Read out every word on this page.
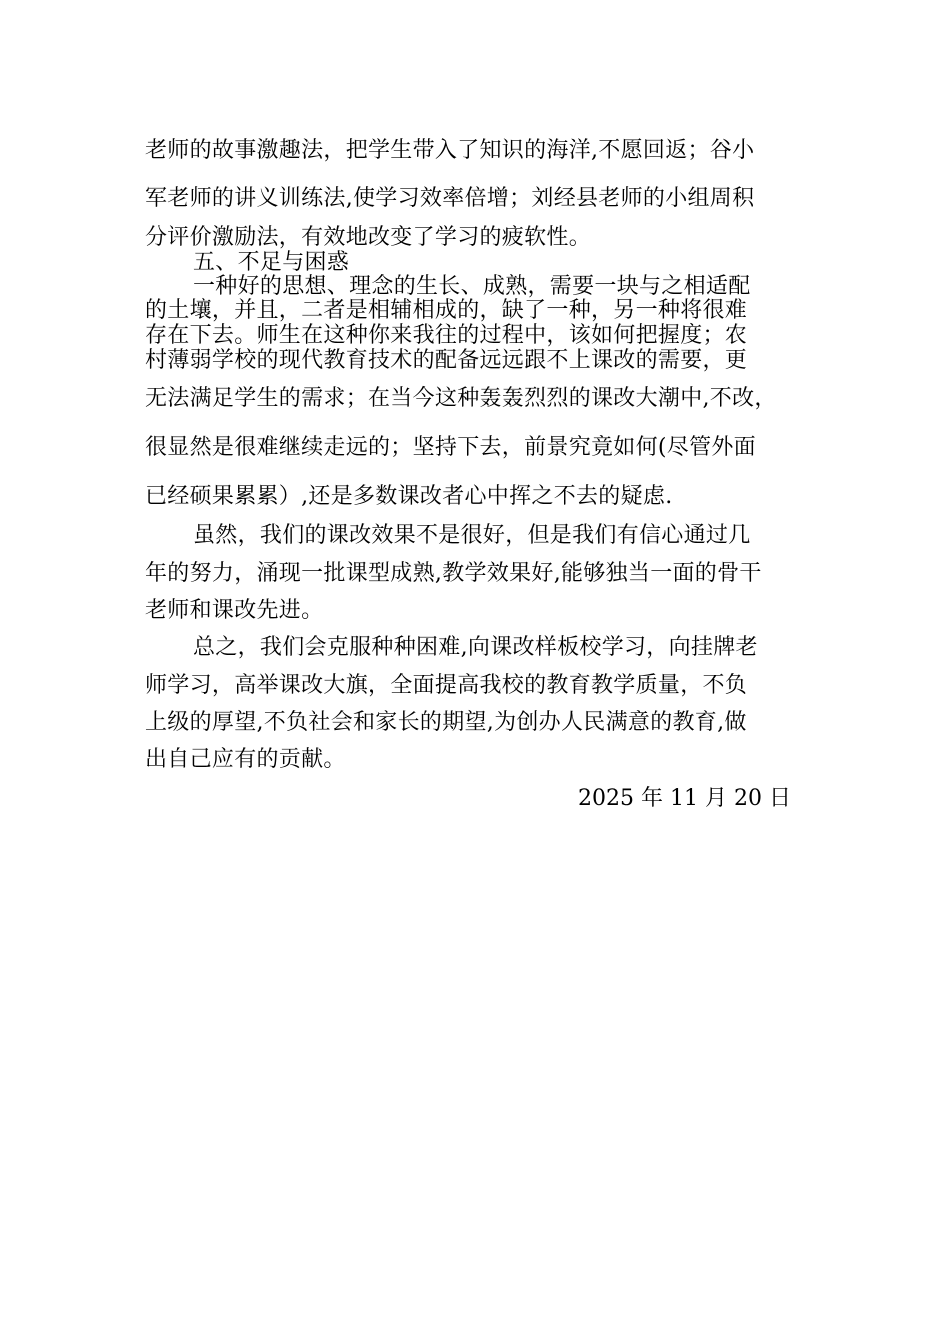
老师的故事激趣法，把学生带入了知识的海洋,不愿回返；谷小
军老师的讲义训练法,使学习效率倍增；刘经县老师的小组周积
分评价激励法，有效地改变了学习的疲软性。
五、不足与困惑
一种好的思想、理念的生长、成熟，需要一块与之相适配
的土壤，并且，二者是相辅相成的，缺了一种，另一种将很难
存在下去。师生在这种你来我往的过程中，该如何把握度；农
村薄弱学校的现代教育技术的配备远远跟不上课改的需要，更
无法满足学生的需求；在当今这种轰轰烈烈的课改大潮中,不改，
很显然是很难继续走远的；坚持下去，前景究竟如何(尽管外面
已经硕果累累）,还是多数课改者心中挥之不去的疑虑.
虽然，我们的课改效果不是很好，但是我们有信心通过几
年的努力，涌现一批课型成熟,教学效果好,能够独当一面的骨干
老师和课改先进。
总之，我们会克服种种困难,向课改样板校学习，向挂牌老
师学习，高举课改大旗，全面提高我校的教育教学质量，不负
上级的厚望,不负社会和家长的期望,为创办人民满意的教育,做
出自己应有的贡献。
2025 年 11 月 20 日
